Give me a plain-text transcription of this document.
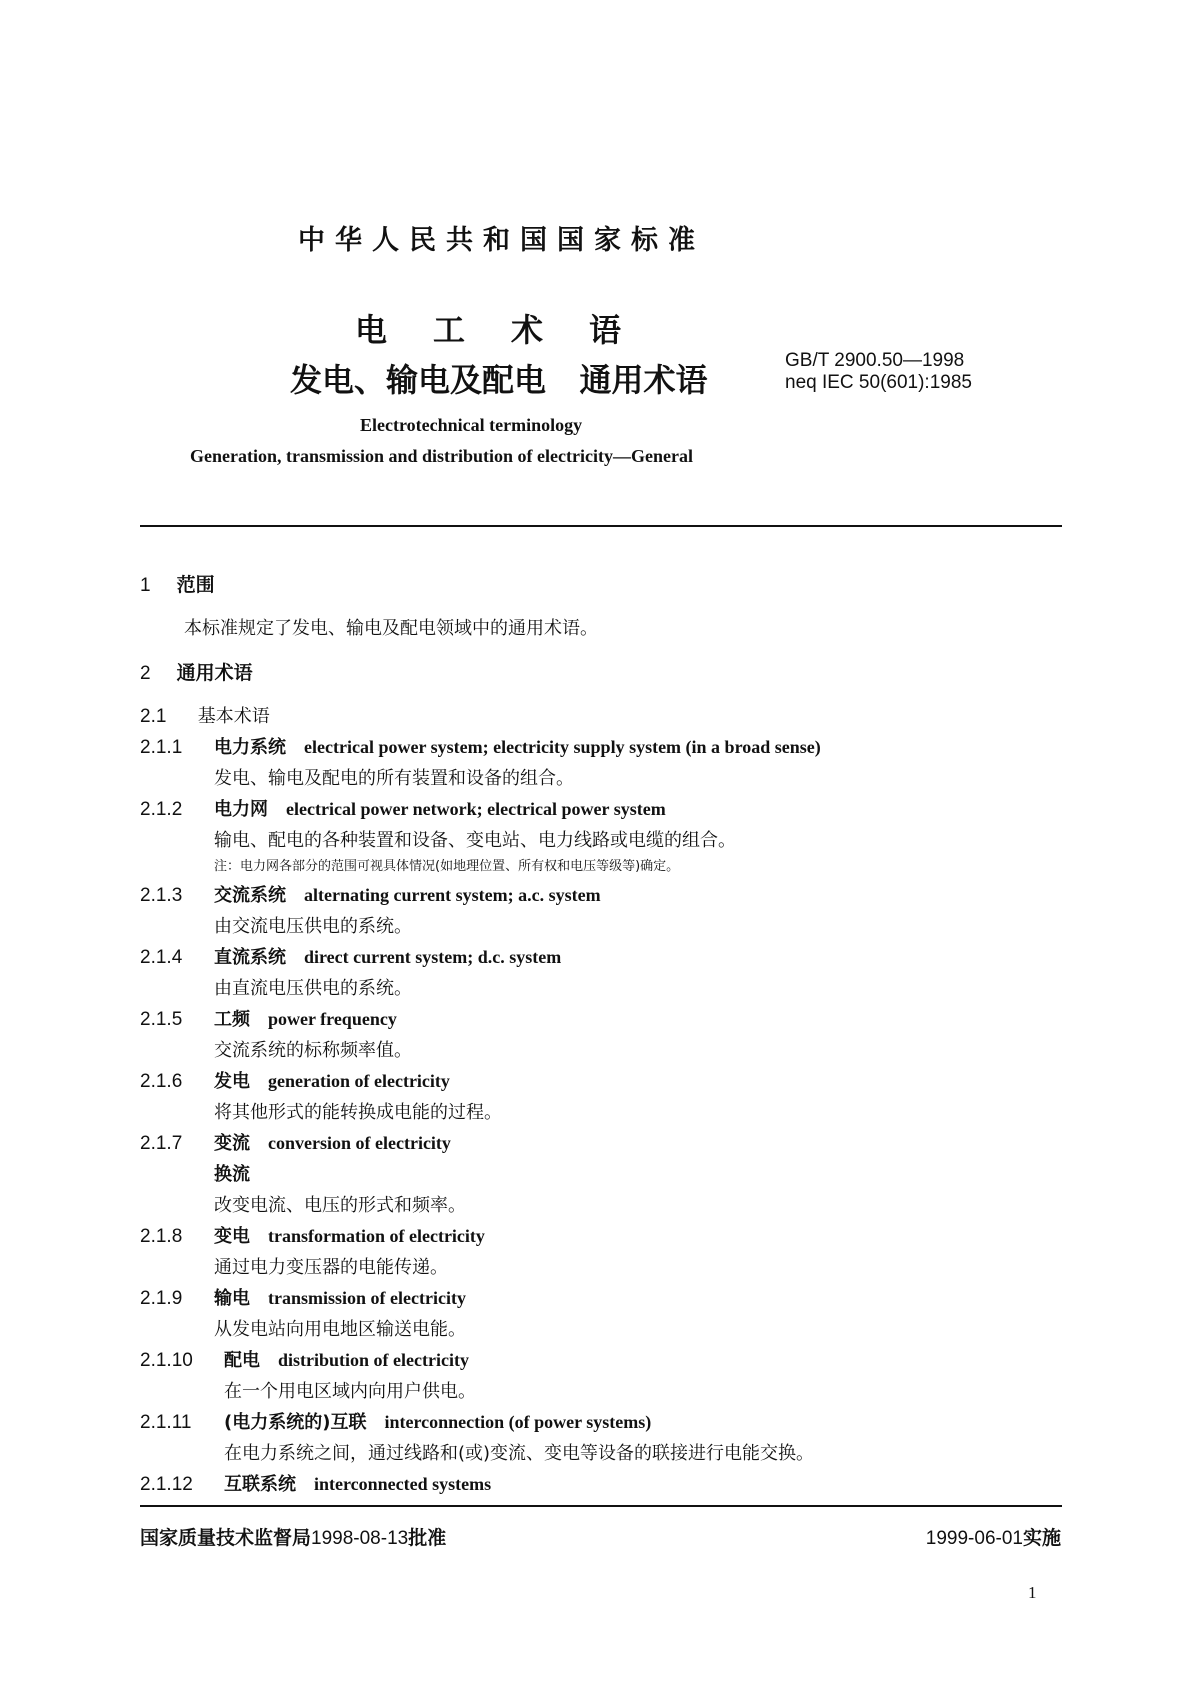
中华人民共和国国家标准
电 工 术 语
发电、输电及配电 通用术语
GB/T 2900.50—1998
neq IEC 50(601):1985
Electrotechnical terminology
Generation, transmission and distribution of electricity—General
1 范围
本标准规定了发电、输电及配电领域中的通用术语。
2 通用术语
2.1 基本术语
2.1.1 电力系统 electrical power system; electricity supply system (in a broad sense)
发电、输电及配电的所有装置和设备的组合。
2.1.2 电力网 electrical power network; electrical power system
输电、配电的各种装置和设备、变电站、电力线路或电缆的组合。
注：电力网各部分的范围可视具体情况(如地理位置、所有权和电压等级等)确定。
2.1.3 交流系统 alternating current system; a.c. system
由交流电压供电的系统。
2.1.4 直流系统 direct current system; d.c. system
由直流电压供电的系统。
2.1.5 工频 power frequency
交流系统的标称频率值。
2.1.6 发电 generation of electricity
将其他形式的能转换成电能的过程。
2.1.7 变流 conversion of electricity
换流
改变电流、电压的形式和频率。
2.1.8 变电 transformation of electricity
通过电力变压器的电能传递。
2.1.9 输电 transmission of electricity
从发电站向用电地区输送电能。
2.1.10 配电 distribution of electricity
在一个用电区域内向用户供电。
2.1.11 (电力系统的)互联 interconnection (of power systems)
在电力系统之间，通过线路和(或)变流、变电等设备的联接进行电能交换。
2.1.12 互联系统 interconnected systems
国家质量技术监督局1998-08-13批准	1999-06-01实施
1
